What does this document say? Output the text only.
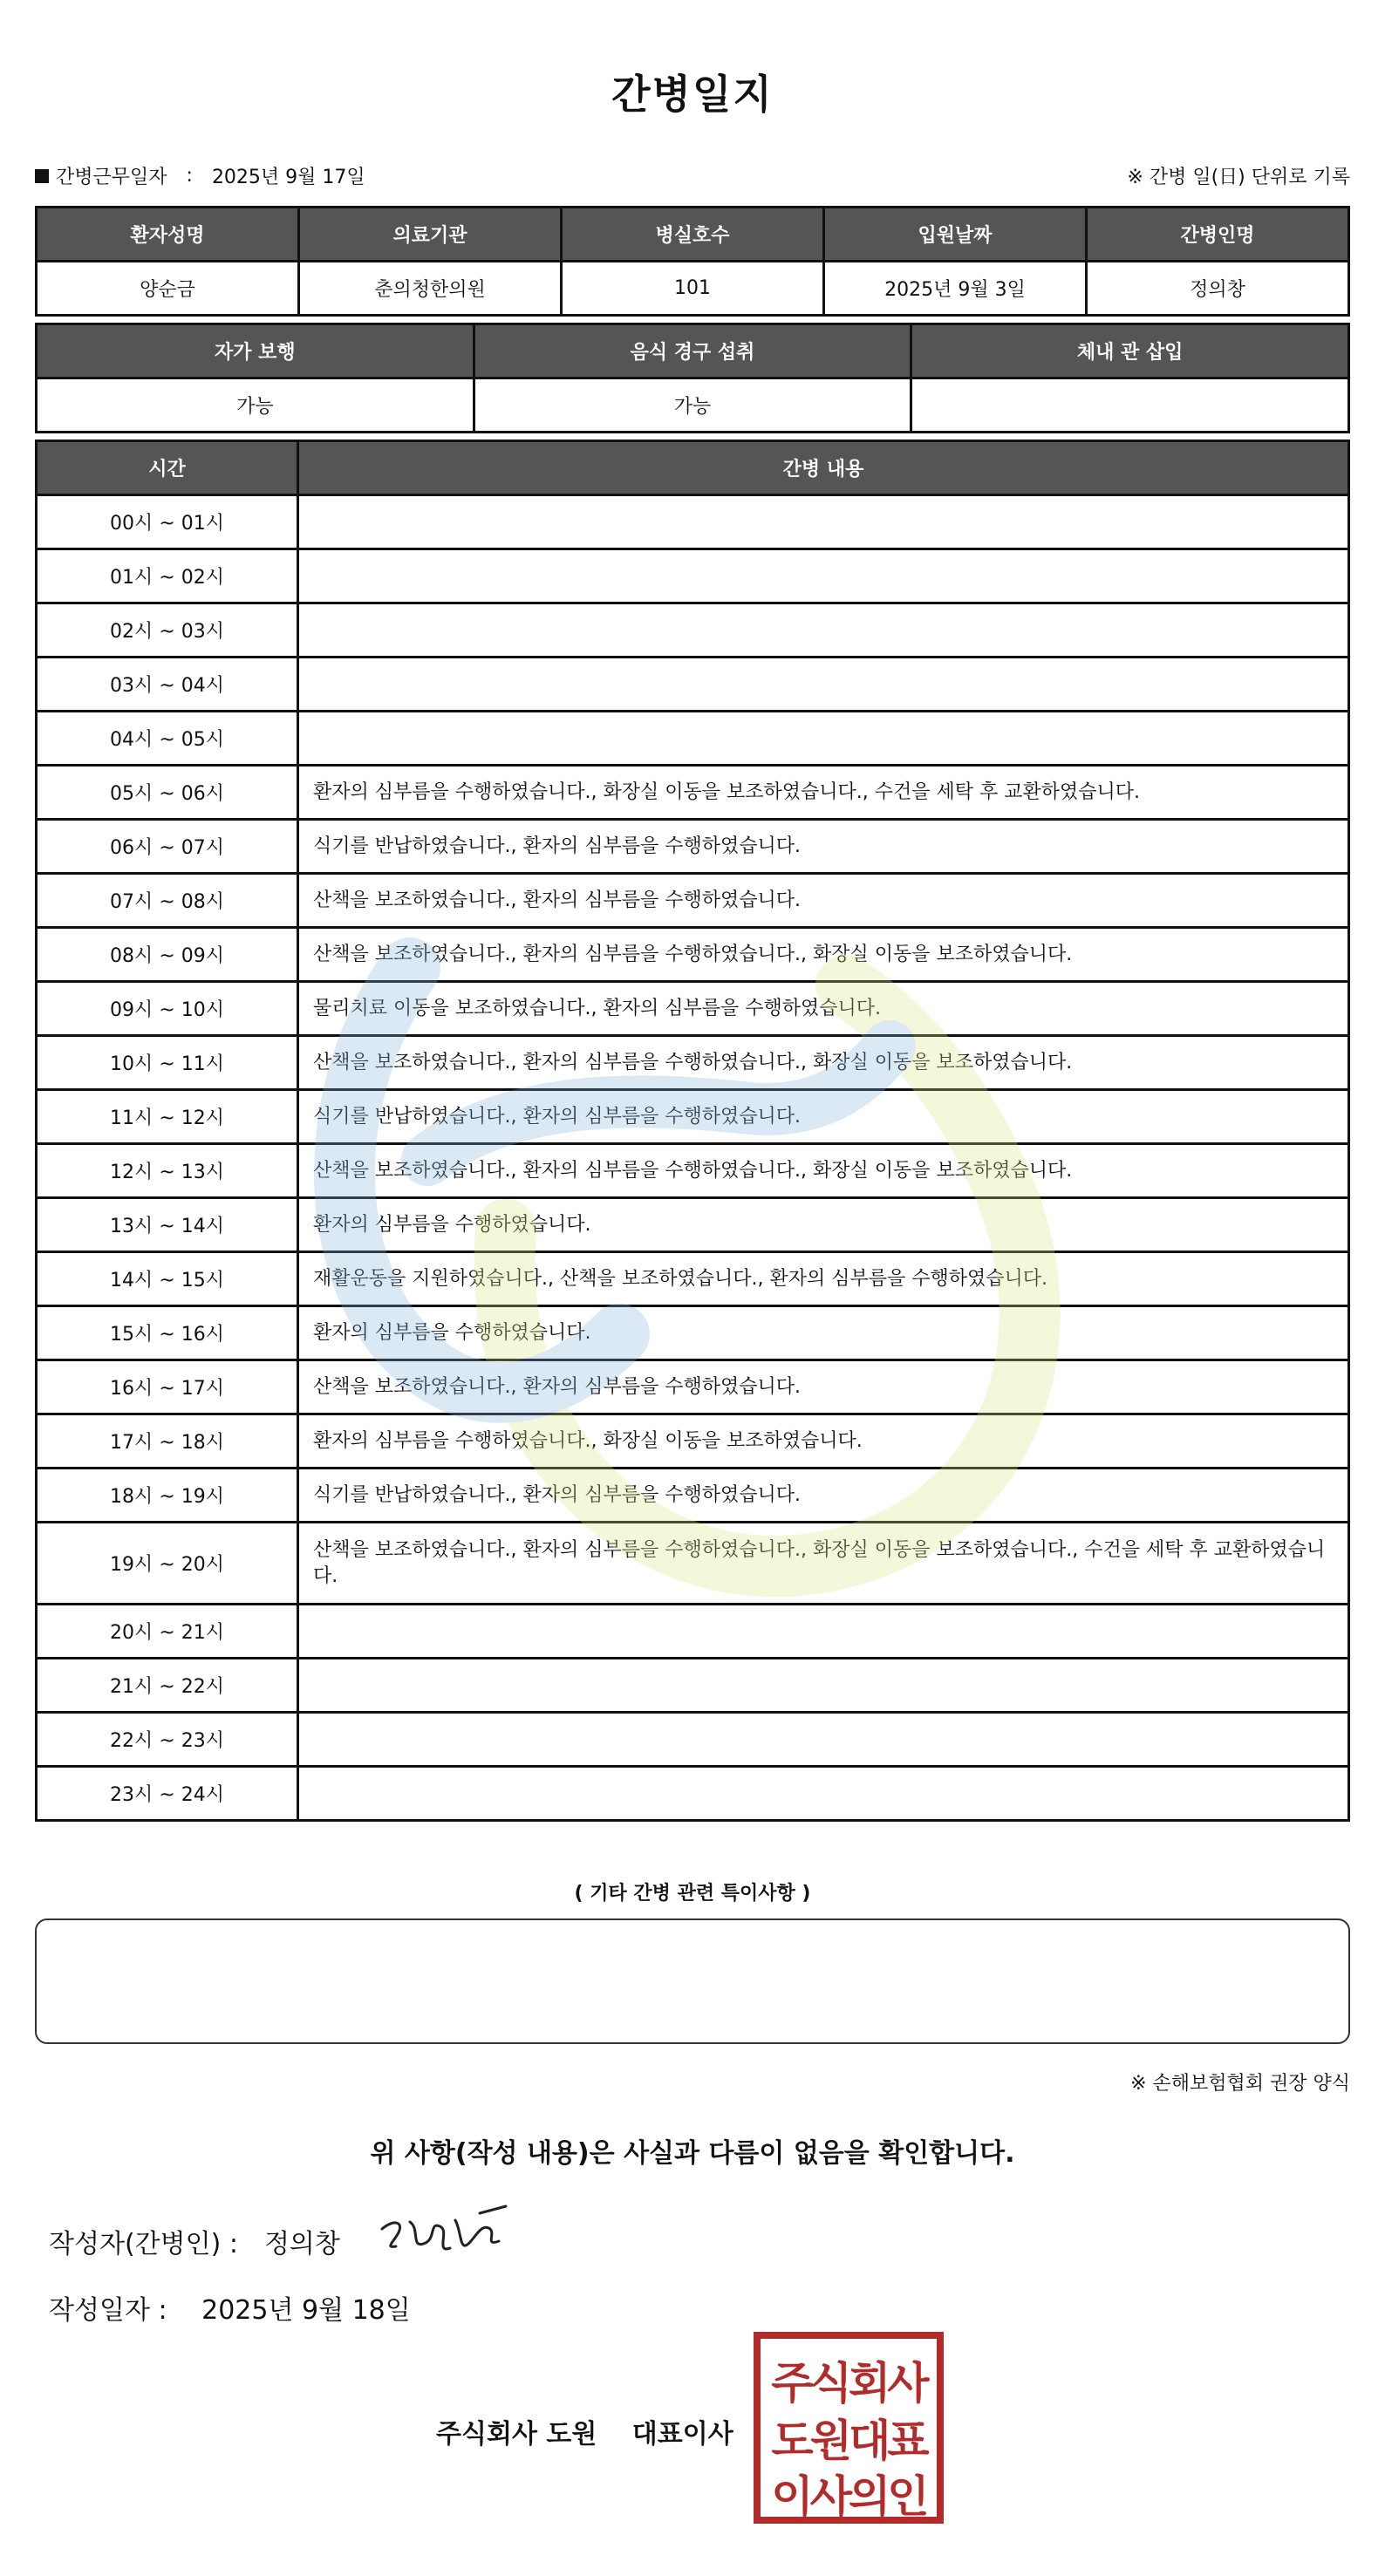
간병일지
간병근무일자 : 2025년 9월 17일	※ 간병 일(日) 단위로 기록
환자성명	의료기관	병실호수	입원날짜	간병인명
양순금	춘의청한의원	101	2025년 9월 3일	정의창
자가 보행	음식 경구 섭취	체내 관 삽입
가능	가능	
시간	간병 내용
00시 ~ 01시	
01시 ~ 02시	
02시 ~ 03시	
03시 ~ 04시	
04시 ~ 05시	
05시 ~ 06시	환자의 심부름을 수행하였습니다., 화장실 이동을 보조하였습니다., 수건을 세탁 후 교환하였습니다.
06시 ~ 07시	식기를 반납하였습니다., 환자의 심부름을 수행하였습니다.
07시 ~ 08시	산책을 보조하였습니다., 환자의 심부름을 수행하였습니다.
08시 ~ 09시	산책을 보조하였습니다., 환자의 심부름을 수행하였습니다., 화장실 이동을 보조하였습니다.
09시 ~ 10시	물리치료 이동을 보조하였습니다., 환자의 심부름을 수행하였습니다.
10시 ~ 11시	산책을 보조하였습니다., 환자의 심부름을 수행하였습니다., 화장실 이동을 보조하였습니다.
11시 ~ 12시	식기를 반납하였습니다., 환자의 심부름을 수행하였습니다.
12시 ~ 13시	산책을 보조하였습니다., 환자의 심부름을 수행하였습니다., 화장실 이동을 보조하였습니다.
13시 ~ 14시	환자의 심부름을 수행하였습니다.
14시 ~ 15시	재활운동을 지원하였습니다., 산책을 보조하였습니다., 환자의 심부름을 수행하였습니다.
15시 ~ 16시	환자의 심부름을 수행하였습니다.
16시 ~ 17시	산책을 보조하였습니다., 환자의 심부름을 수행하였습니다.
17시 ~ 18시	환자의 심부름을 수행하였습니다., 화장실 이동을 보조하였습니다.
18시 ~ 19시	식기를 반납하였습니다., 환자의 심부름을 수행하였습니다.
19시 ~ 20시	산책을 보조하였습니다., 환자의 심부름을 수행하였습니다., 화장실 이동을 보조하였습니다., 수건을 세탁 후 교환하였습니다.
20시 ~ 21시	
21시 ~ 22시	
22시 ~ 23시	
23시 ~ 24시	
( 기타 간병 관련 특이사항 )
※ 손해보험협회 권장 양식
위 사항(작성 내용)은 사실과 다름이 없음을 확인합니다.
작성자(간병인) : 정의창
작성일자 : 2025년 9월 18일
주식회사 도원 대표이사
주식회사
도원대표
이사의인
